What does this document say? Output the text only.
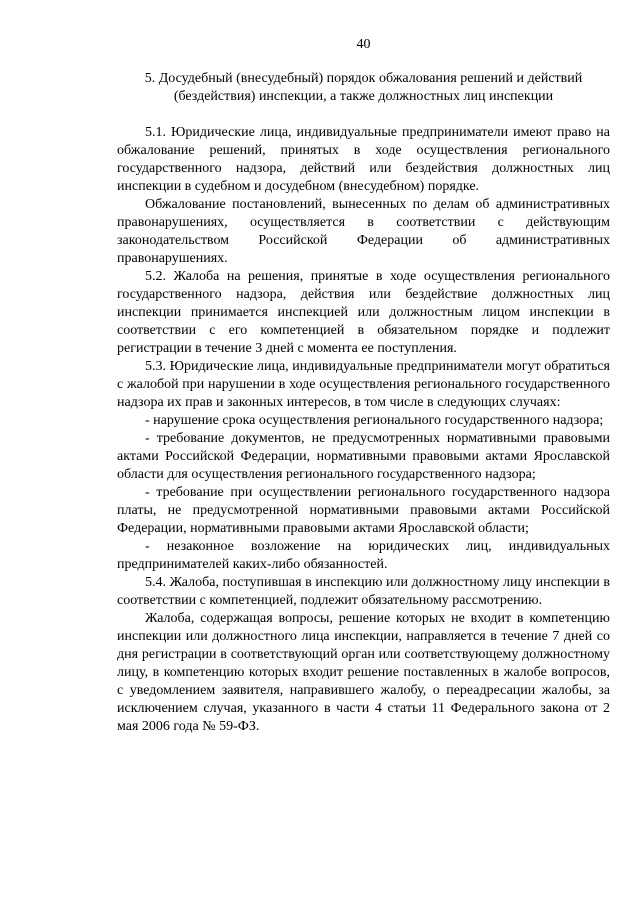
40
5. Досудебный (внесудебный) порядок обжалования решений и действий (бездействия) инспекции, а также должностных лиц инспекции

5.1. Юридические лица, индивидуальные предприниматели имеют право на обжалование решений, принятых в ходе осуществления регионального государственного надзора, действий или бездействия должностных лиц инспекции в судебном и досудебном (внесудебном) порядке.

Обжалование постановлений, вынесенных по делам об административных правонарушениях, осуществляется в соответствии с действующим законодательством Российской Федерации об административных правонарушениях.

5.2. Жалоба на решения, принятые в ходе осуществления регионального государственного надзора, действия или бездействие должностных лиц инспекции принимается инспекцией или должностным лицом инспекции в соответствии с его компетенцией в обязательном порядке и подлежит регистрации в течение 3 дней с момента ее поступления.

5.3. Юридические лица, индивидуальные предприниматели могут обратиться с жалобой при нарушении в ходе осуществления регионального государственного надзора их прав и законных интересов, в том числе в следующих случаях:

- нарушение срока осуществления регионального государственного надзора;

- требование документов, не предусмотренных нормативными правовыми актами Российской Федерации, нормативными правовыми актами Ярославской области для осуществления регионального государственного надзора;

- требование при осуществлении регионального государственного надзора платы, не предусмотренной нормативными правовыми актами Российской Федерации, нормативными правовыми актами Ярославской области;

- незаконное возложение на юридических лиц, индивидуальных предпринимателей каких-либо обязанностей.

5.4. Жалоба, поступившая в инспекцию или должностному лицу инспекции в соответствии с компетенцией, подлежит обязательному рассмотрению.

Жалоба, содержащая вопросы, решение которых не входит в компетенцию инспекции или должностного лица инспекции, направляется в течение 7 дней со дня регистрации в соответствующий орган или соответствующему должностному лицу, в компетенцию которых входит решение поставленных в жалобе вопросов, с уведомлением заявителя, направившего жалобу, о переадресации жалобы, за исключением случая, указанного в части 4 статьи 11 Федерального закона от 2 мая 2006 года № 59-ФЗ.
